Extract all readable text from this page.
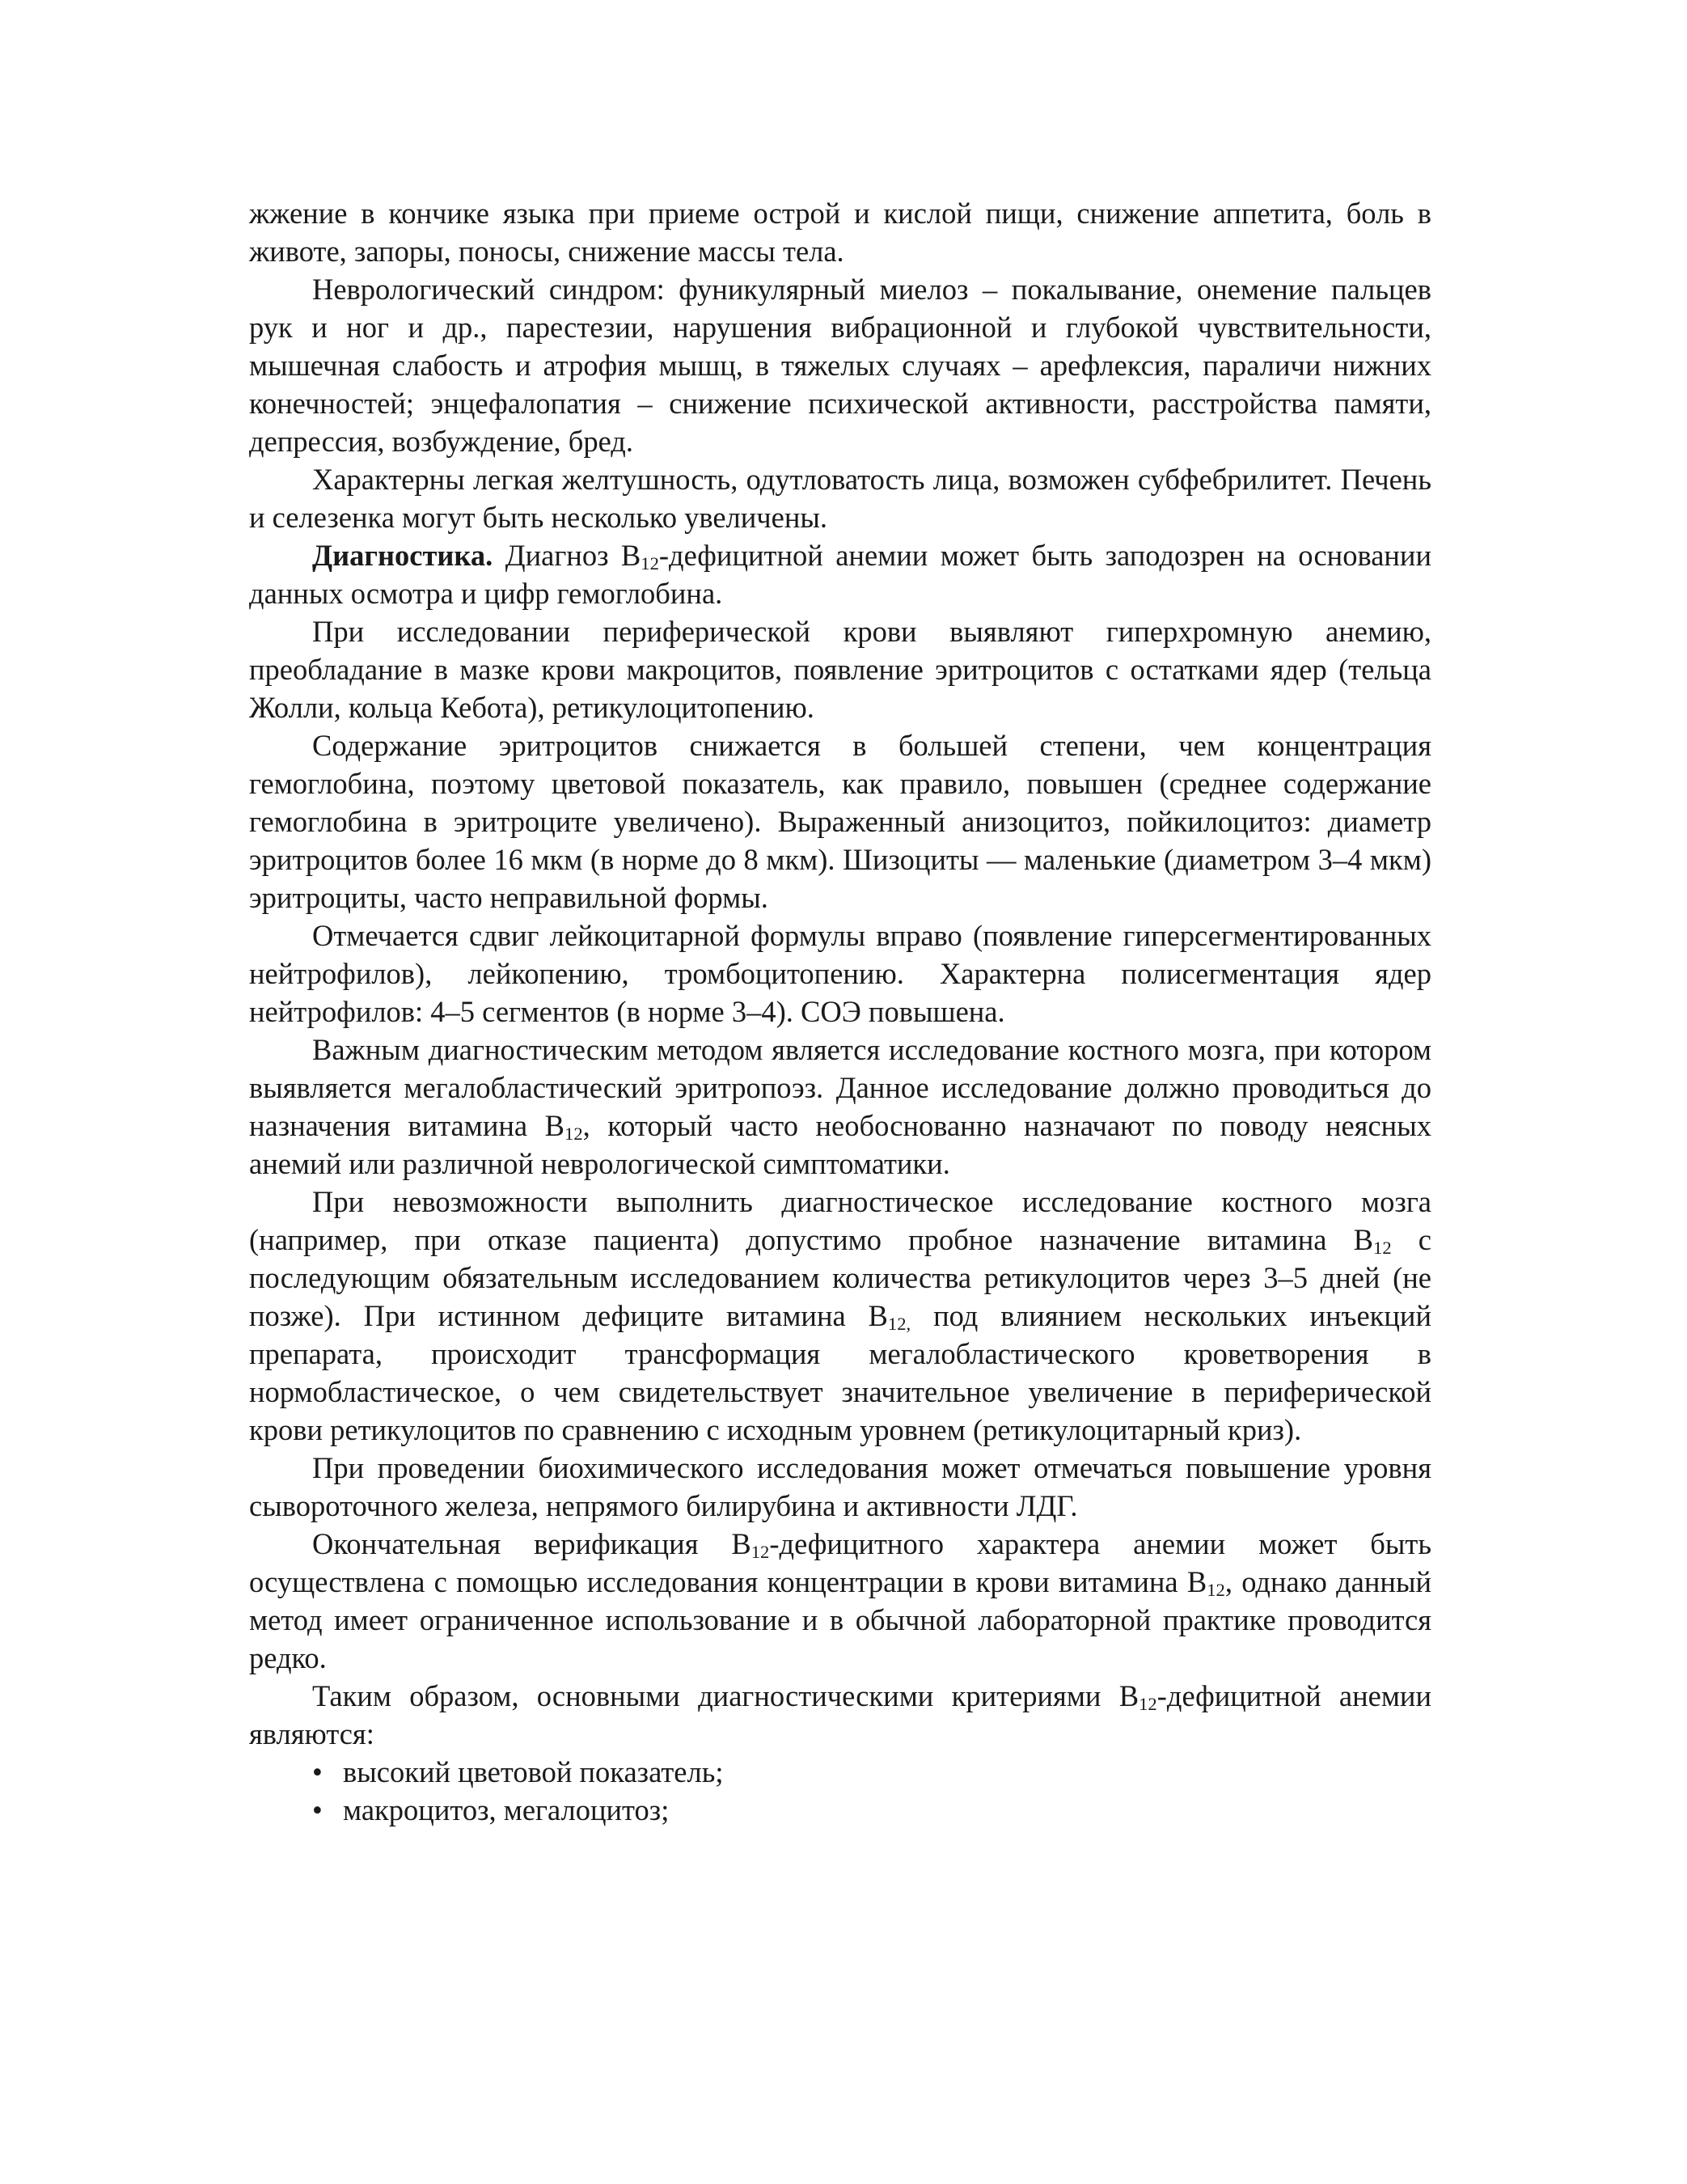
жжение в кончике языка при приеме острой и кислой пищи, снижение аппетита, боль в животе, запоры, поносы, снижение массы тела.

Неврологический синдром: фуникулярный миелоз – покалывание, онемение пальцев рук и ног и др., парестезии, нарушения вибрационной и глубокой чувствительности, мышечная слабость и атрофия мышц, в тяжелых случаях – арефлексия, параличи нижних конечностей; энцефалопатия – снижение психической активности, расстройства памяти, депрессия, возбуждение, бред.

Характерны легкая желтушность, одутловатость лица, возможен субфебрилитет. Печень и селезенка могут быть несколько увеличены.

Диагностика. Диагноз $B_{12}$-дефицитной анемии может быть заподозрен на основании данных осмотра и цифр гемоглобина.

При исследовании периферической крови выявляют гиперхромную анемию, преобладание в мазке крови макроцитов, появление эритроцитов с остатками ядер (тельца Жолли, кольца Кебота), ретикулоцитопению.

Содержание эритроцитов снижается в большей степени, чем концентрация гемоглобина, поэтому цветовой показатель, как правило, повышен (среднее содержание гемоглобина в эритроците увеличено). Выраженный анизоцитоз, пойкилоцитоз: диаметр эритроцитов более 16 мкм (в норме до 8 мкм). Шизоциты — маленькие (диаметром 3–4 мкм) эритроциты, часто неправильной формы.

Отмечается сдвиг лейкоцитарной формулы вправо (появление гиперсегментированных нейтрофилов), лейкопению, тромбоцитопению. Характерна полисегментация ядер нейтрофилов: 4–5 сегментов (в норме 3–4). СОЭ повышена.

Важным диагностическим методом является исследование костного мозга, при котором выявляется мегалобластический эритропоэз. Данное исследование должно проводиться до назначения витамина $B_{12}$, который часто необоснованно назначают по поводу неясных анемий или различной неврологической симптоматики.

При невозможности выполнить диагностическое исследование костного мозга (например, при отказе пациента) допустимо пробное назначение витамина $B_{12}$ с последующим обязательным исследованием количества ретикулоцитов через 3–5 дней (не позже). При истинном дефиците витамина $B_{12,}$ под влиянием нескольких инъекций препарата, происходит трансформация мегалобластического кроветворения в нормобластическое, о чем свидетельствует значительное увеличение в периферической крови ретикулоцитов по сравнению с исходным уровнем (ретикулоцитарный криз).

При проведении биохимического исследования может отмечаться повышение уровня сывороточного железа, непрямого билирубина и активности ЛДГ.

Окончательная верификация $B_{12}$-дефицитного характера анемии может быть осуществлена с помощью исследования концентрации в крови витамина $B_{12}$, однако данный метод имеет ограниченное использование и в обычной лабораторной практике проводится редко.

Таким образом, основными диагностическими критериями $B_{12}$-дефицитной анемии являются:

• высокий цветовой показатель;
• макроцитоз, мегалоцитоз;
